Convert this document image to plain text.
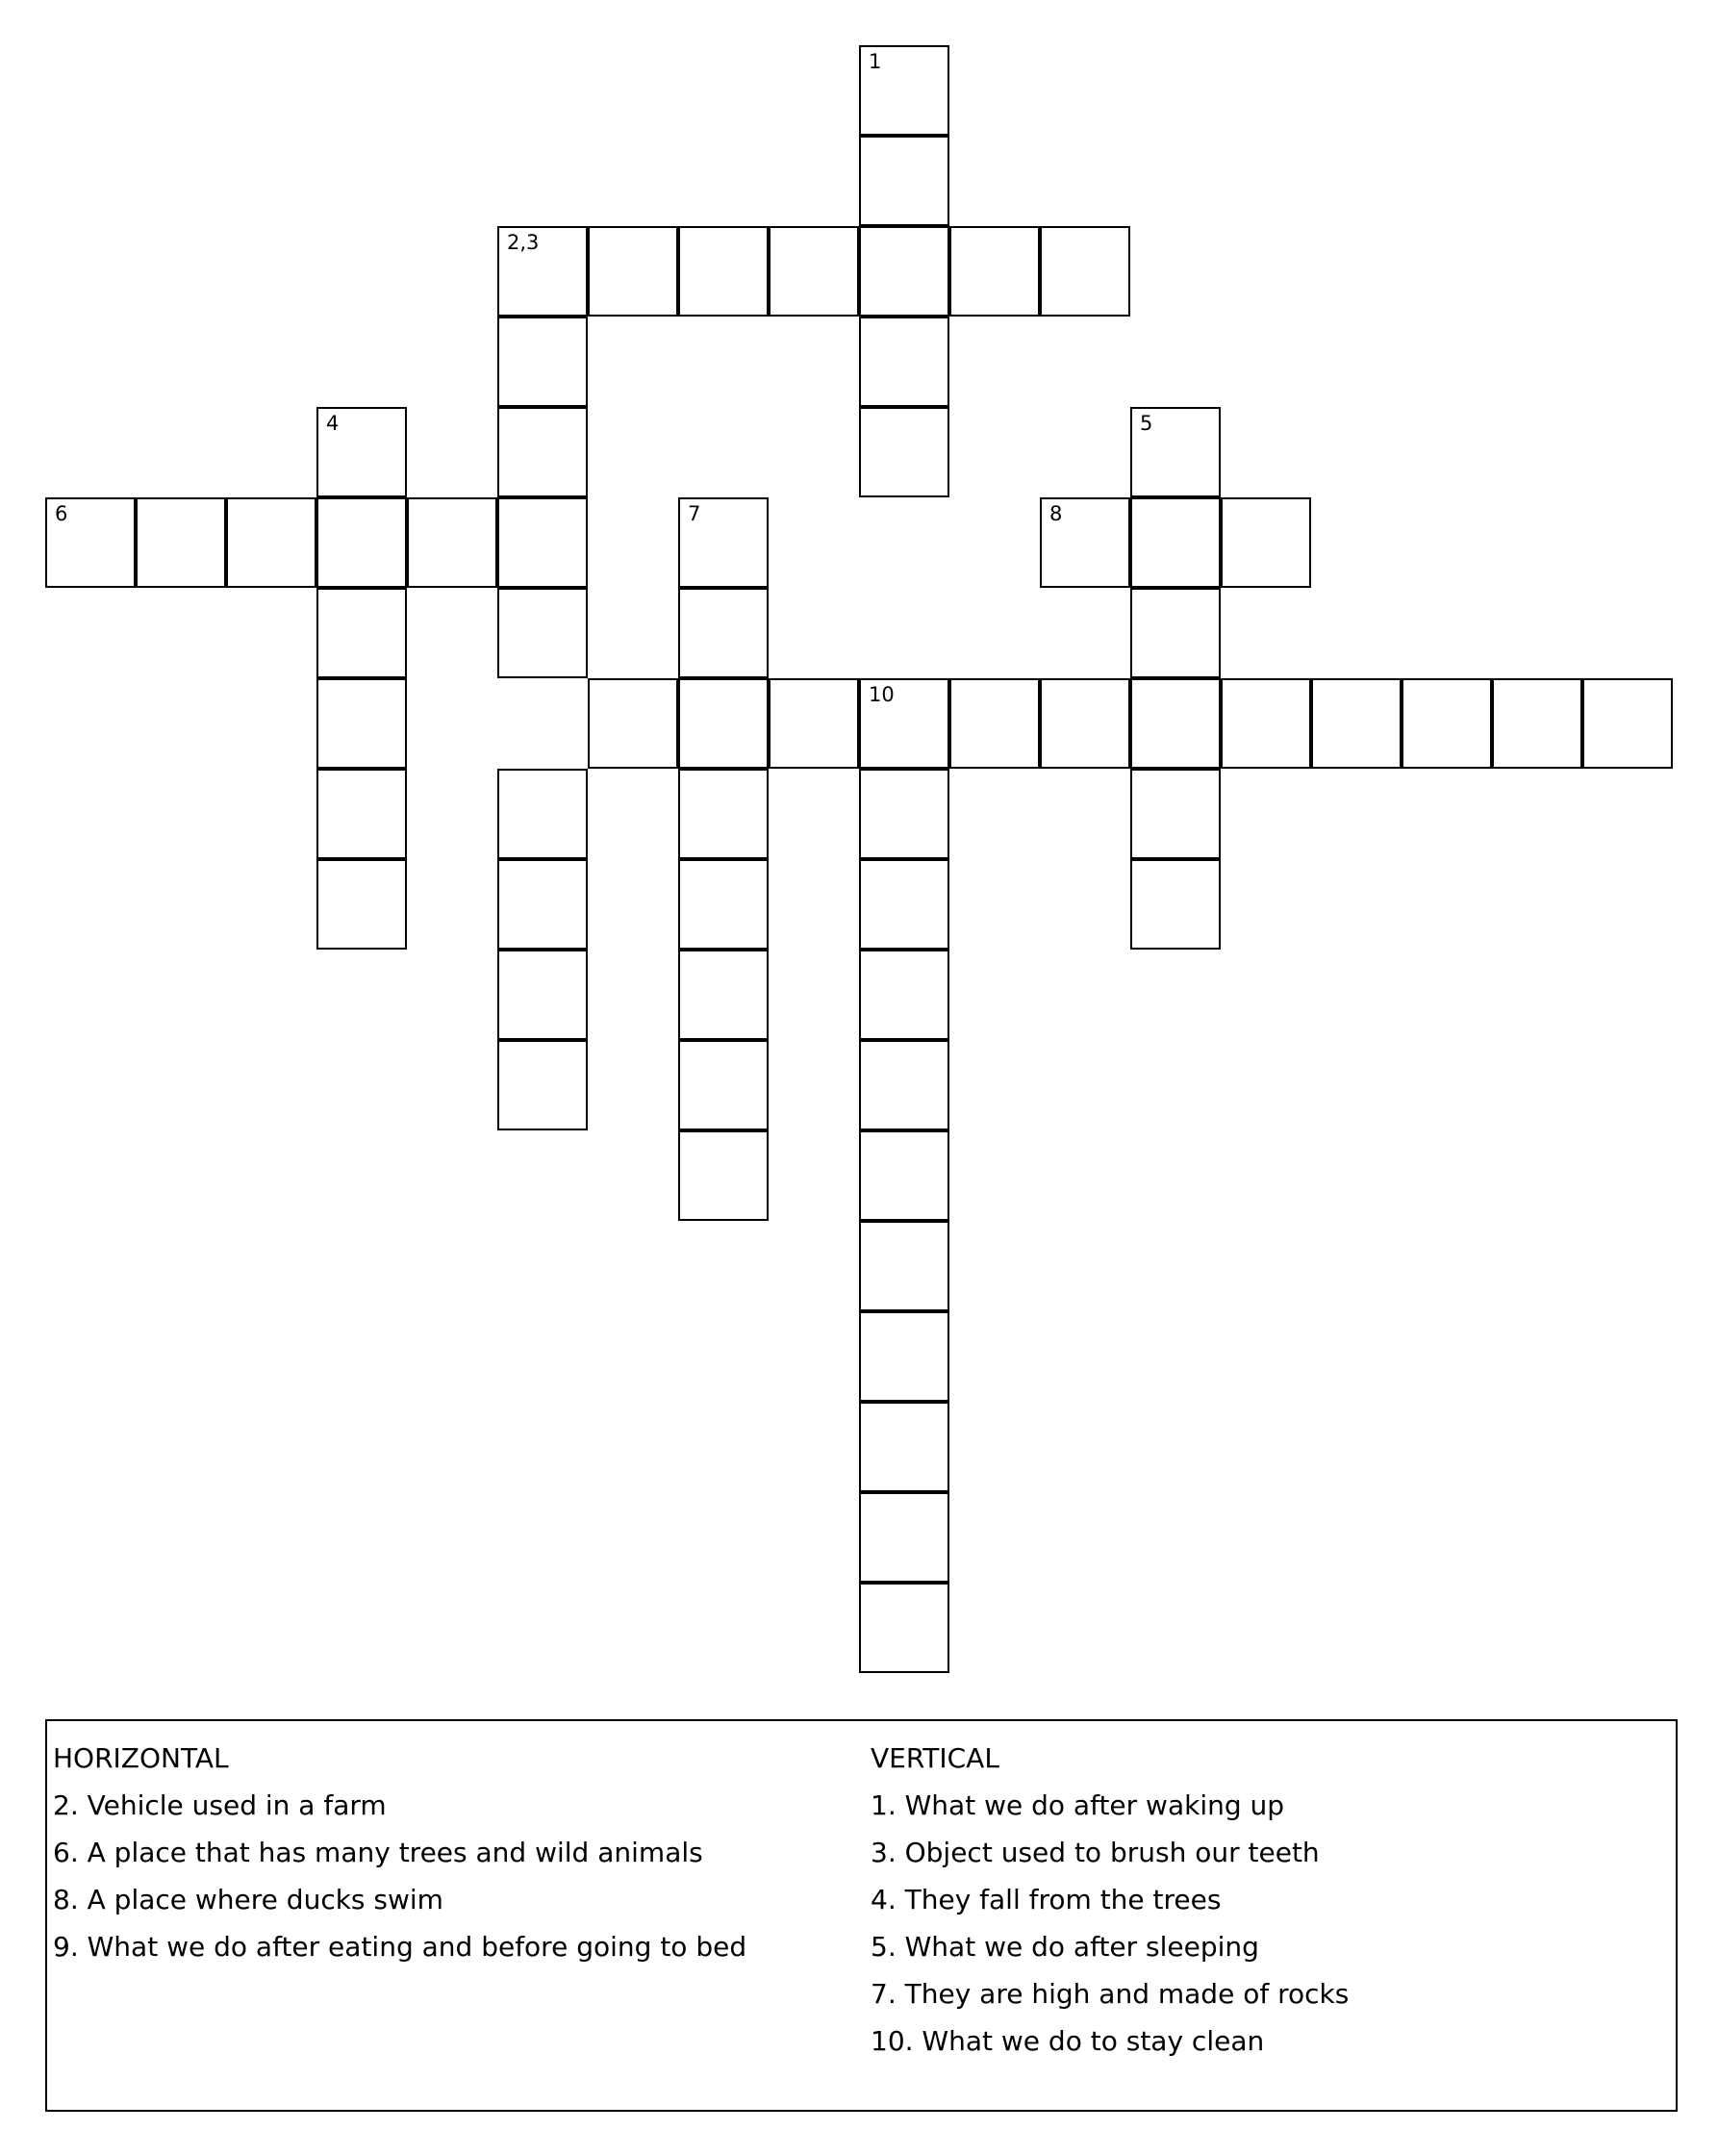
1
2,3
4	5
6	7	8
10
HORIZONTAL
2. Vehicle used in a farm
6. A place that has many trees and wild animals
8. A place where ducks swim
9. What we do after eating and before going to bed
VERTICAL
1. What we do after waking up
3. Object used to brush our teeth
4. They fall from the trees
5. What we do after sleeping
7. They are high and made of rocks
10. What we do to stay clean
